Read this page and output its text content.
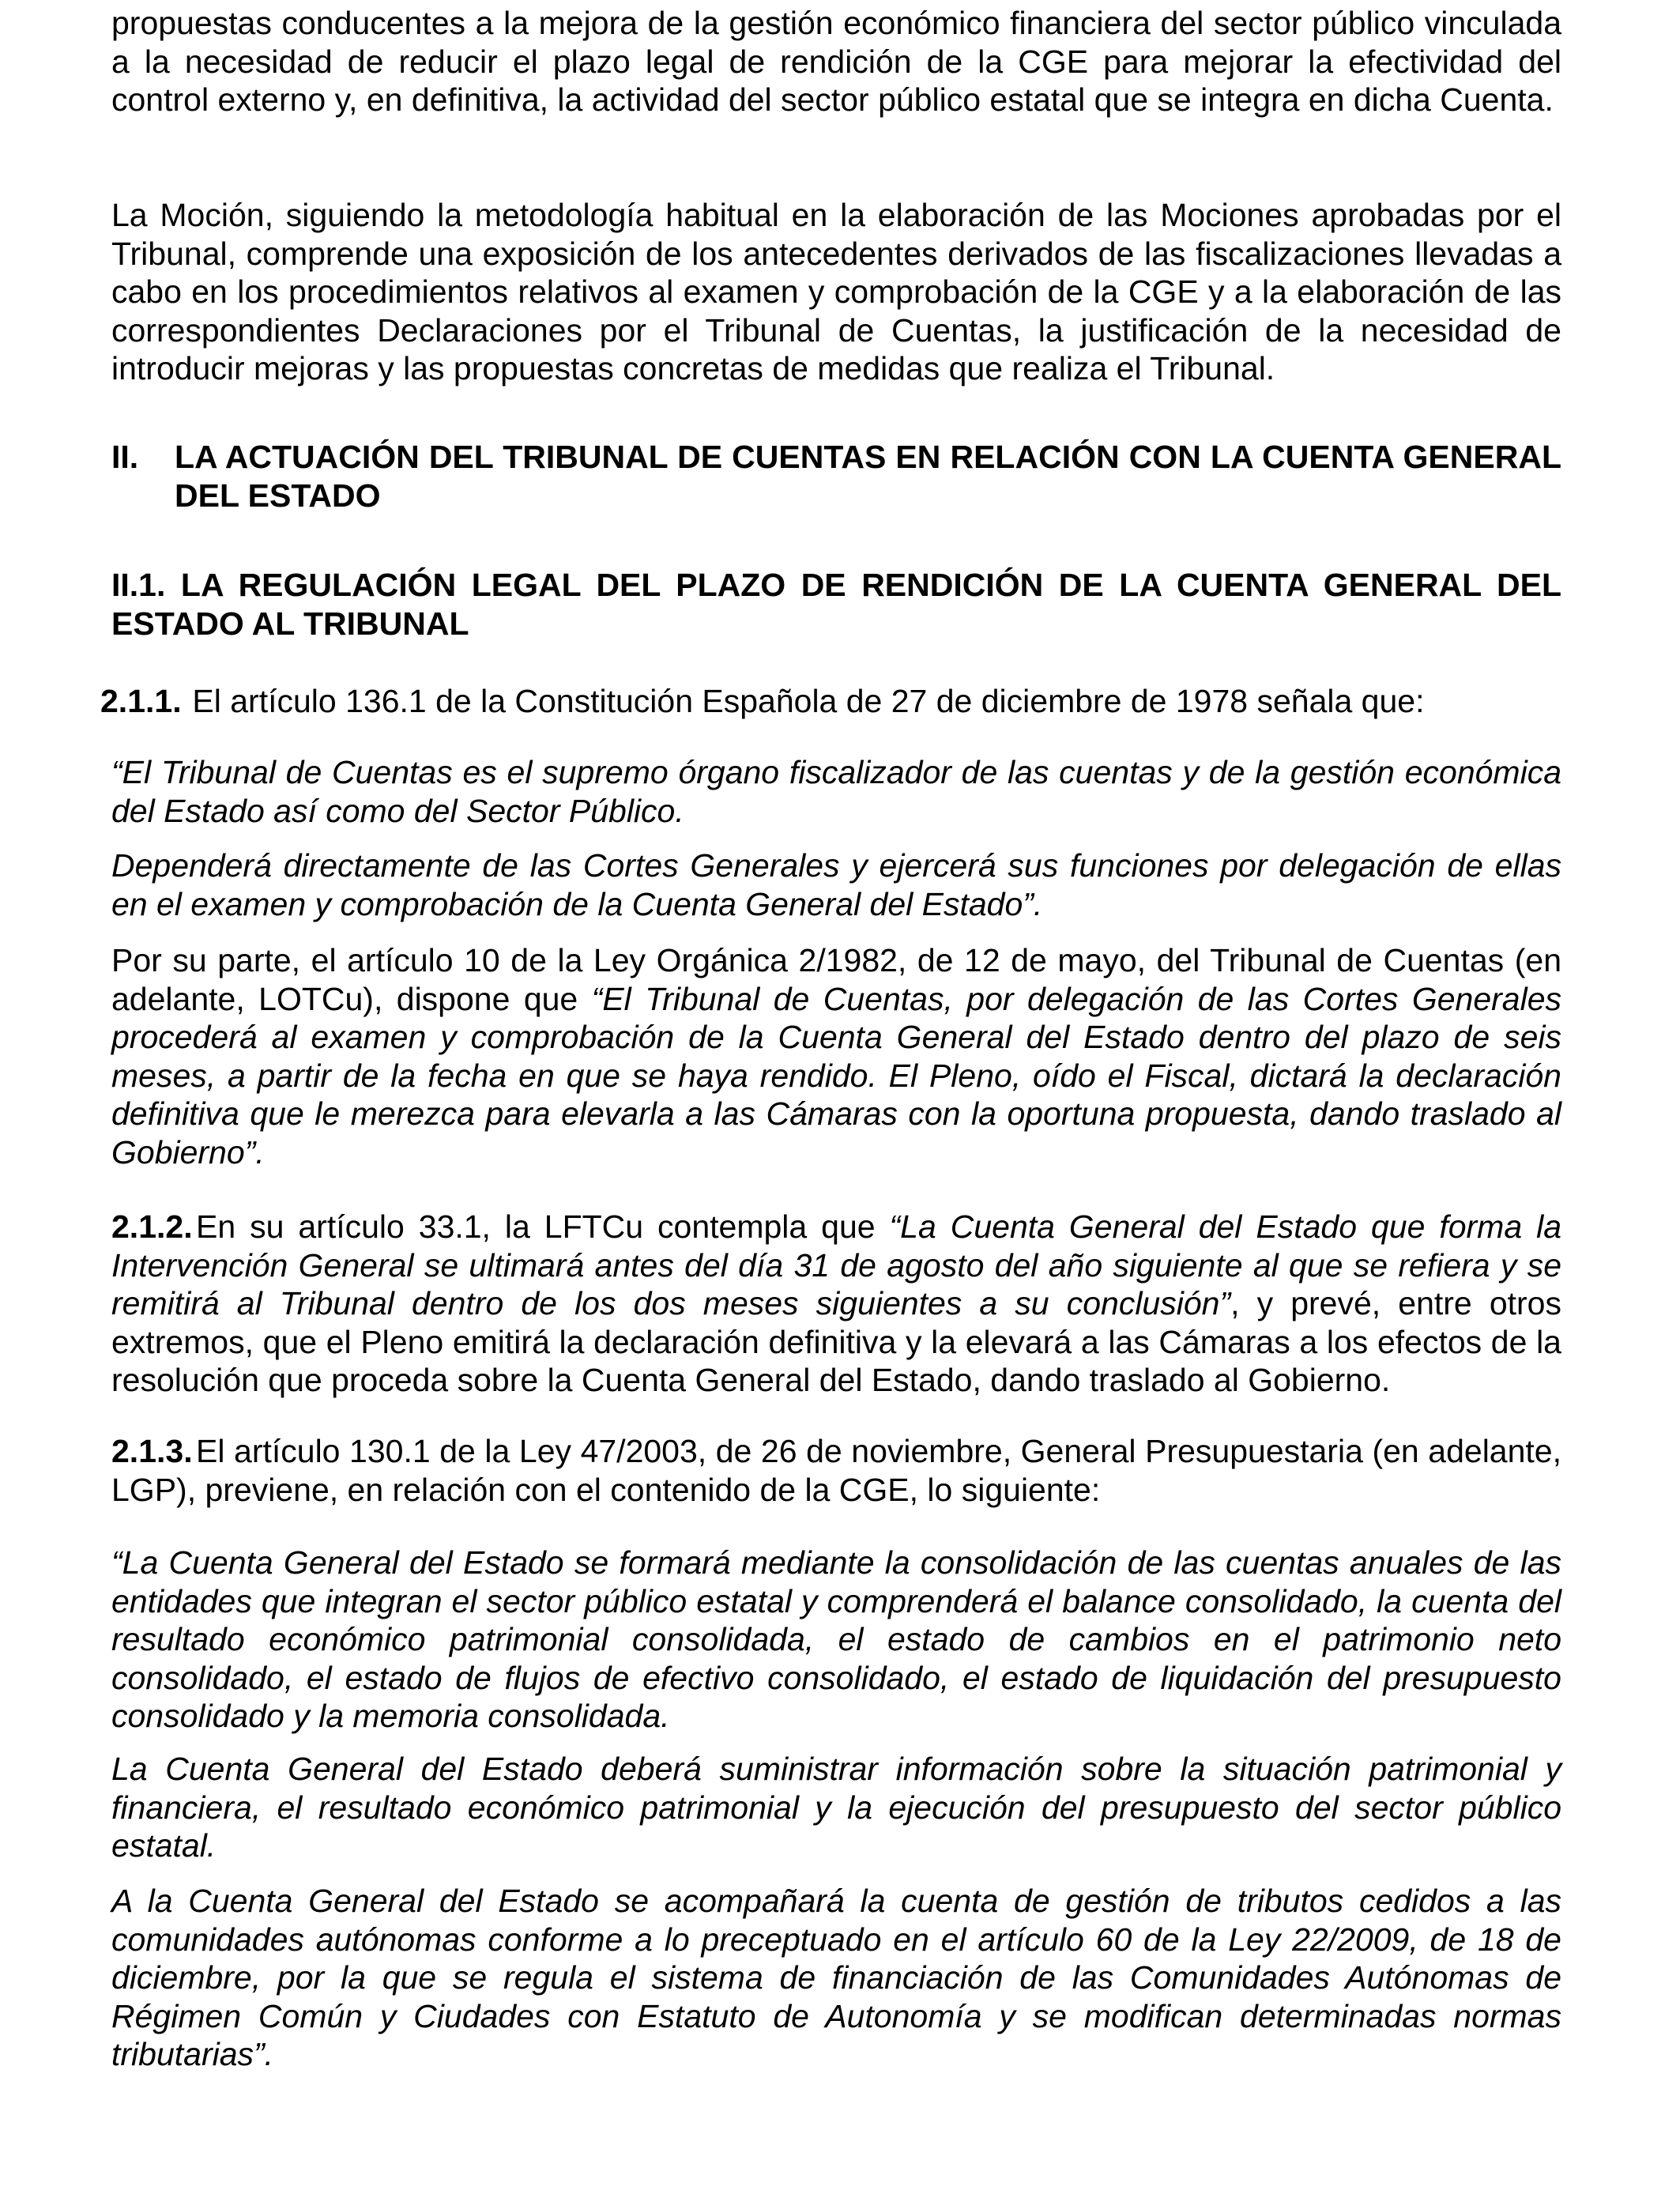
propuestas conducentes a la mejora de la gestión económico financiera del sector público vinculada a la necesidad de reducir el plazo legal de rendición de la CGE para mejorar la efectividad del control externo y, en definitiva, la actividad del sector público estatal que se integra en dicha Cuenta.

La Moción, siguiendo la metodología habitual en la elaboración de las Mociones aprobadas por el Tribunal, comprende una exposición de los antecedentes derivados de las fiscalizaciones llevadas a cabo en los procedimientos relativos al examen y comprobación de la CGE y a la elaboración de las correspondientes Declaraciones por el Tribunal de Cuentas, la justificación de la necesidad de introducir mejoras y las propuestas concretas de medidas que realiza el Tribunal.

II. LA ACTUACIÓN DEL TRIBUNAL DE CUENTAS EN RELACIÓN CON LA CUENTA GENERAL DEL ESTADO
II.1. LA REGULACIÓN LEGAL DEL PLAZO DE RENDICIÓN DE LA CUENTA GENERAL DEL ESTADO AL TRIBUNAL

2.1.1. El artículo 136.1 de la Constitución Española de 27 de diciembre de 1978 señala que:

“El Tribunal de Cuentas es el supremo órgano fiscalizador de las cuentas y de la gestión económica del Estado así como del Sector Público.

Dependerá directamente de las Cortes Generales y ejercerá sus funciones por delegación de ellas en el examen y comprobación de la Cuenta General del Estado”.

Por su parte, el artículo 10 de la Ley Orgánica 2/1982, de 12 de mayo, del Tribunal de Cuentas (en adelante, LOTCu), dispone que “El Tribunal de Cuentas, por delegación de las Cortes Generales procederá al examen y comprobación de la Cuenta General del Estado dentro del plazo de seis meses, a partir de la fecha en que se haya rendido. El Pleno, oído el Fiscal, dictará la declaración definitiva que le merezca para elevarla a las Cámaras con la oportuna propuesta, dando traslado al Gobierno”.

2.1.2. En su artículo 33.1, la LFTCu contempla que “La Cuenta General del Estado que forma la Intervención General se ultimará antes del día 31 de agosto del año siguiente al que se refiera y se remitirá al Tribunal dentro de los dos meses siguientes a su conclusión”, y prevé, entre otros extremos, que el Pleno emitirá la declaración definitiva y la elevará a las Cámaras a los efectos de la resolución que proceda sobre la Cuenta General del Estado, dando traslado al Gobierno.

2.1.3. El artículo 130.1 de la Ley 47/2003, de 26 de noviembre, General Presupuestaria (en adelante, LGP), previene, en relación con el contenido de la CGE, lo siguiente:

“La Cuenta General del Estado se formará mediante la consolidación de las cuentas anuales de las entidades que integran el sector público estatal y comprenderá el balance consolidado, la cuenta del resultado económico patrimonial consolidada, el estado de cambios en el patrimonio neto consolidado, el estado de flujos de efectivo consolidado, el estado de liquidación del presupuesto consolidado y la memoria consolidada.

La Cuenta General del Estado deberá suministrar información sobre la situación patrimonial y financiera, el resultado económico patrimonial y la ejecución del presupuesto del sector público estatal.

A la Cuenta General del Estado se acompañará la cuenta de gestión de tributos cedidos a las comunidades autónomas conforme a lo preceptuado en el artículo 60 de la Ley 22/2009, de 18 de diciembre, por la que se regula el sistema de financiación de las Comunidades Autónomas de Régimen Común y Ciudades con Estatuto de Autonomía y se modifican determinadas normas tributarias”.
